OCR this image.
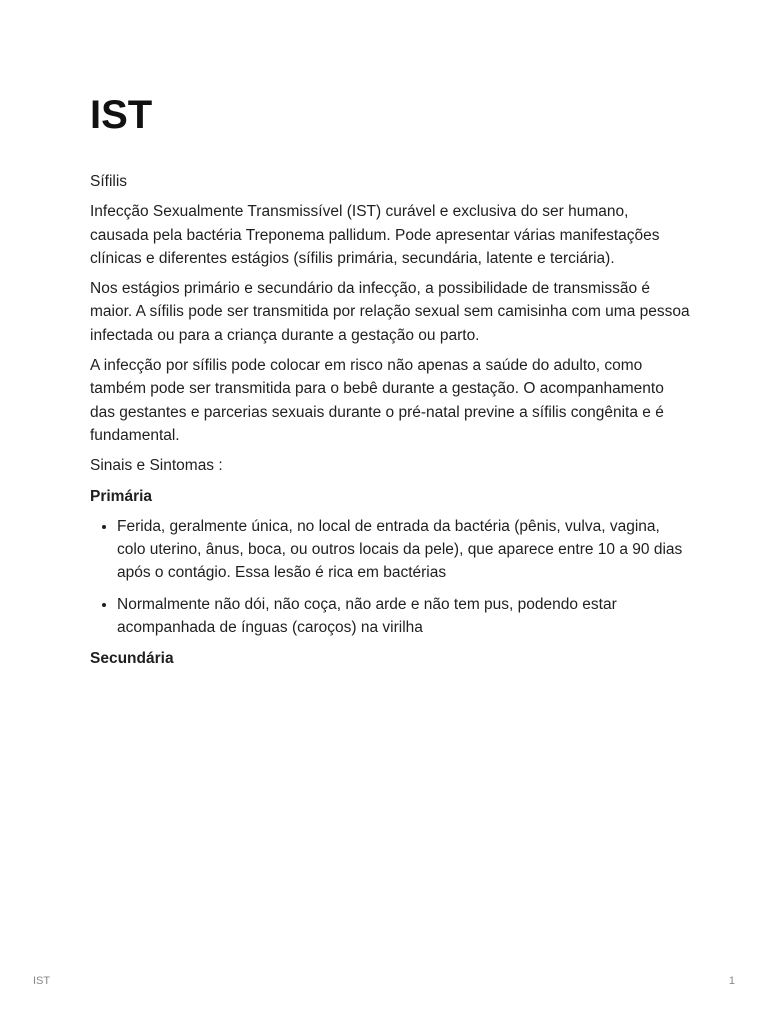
IST

Sífilis

Infecção Sexualmente Transmissível (IST) curável e exclusiva do ser humano, causada pela bactéria Treponema pallidum. Pode apresentar várias manifestações clínicas e diferentes estágios (sífilis primária, secundária, latente e terciária).

Nos estágios primário e secundário da infecção, a possibilidade de transmissão é maior. A sífilis pode ser transmitida por relação sexual sem camisinha com uma pessoa infectada ou para a criança durante a gestação ou parto.

A infecção por sífilis pode colocar em risco não apenas a saúde do adulto, como também pode ser transmitida para o bebê durante a gestação. O acompanhamento das gestantes e parcerias sexuais durante o pré-natal previne a sífilis congênita e é fundamental.

Sinais e Sintomas :

Primária

• Ferida, geralmente única, no local de entrada da bactéria (pênis, vulva, vagina, colo uterino, ânus, boca, ou outros locais da pele), que aparece entre 10 a 90 dias após o contágio. Essa lesão é rica em bactérias
• Normalmente não dói, não coça, não arde e não tem pus, podendo estar acompanhada de ínguas (caroços) na virilha

Secundária

IST	1
